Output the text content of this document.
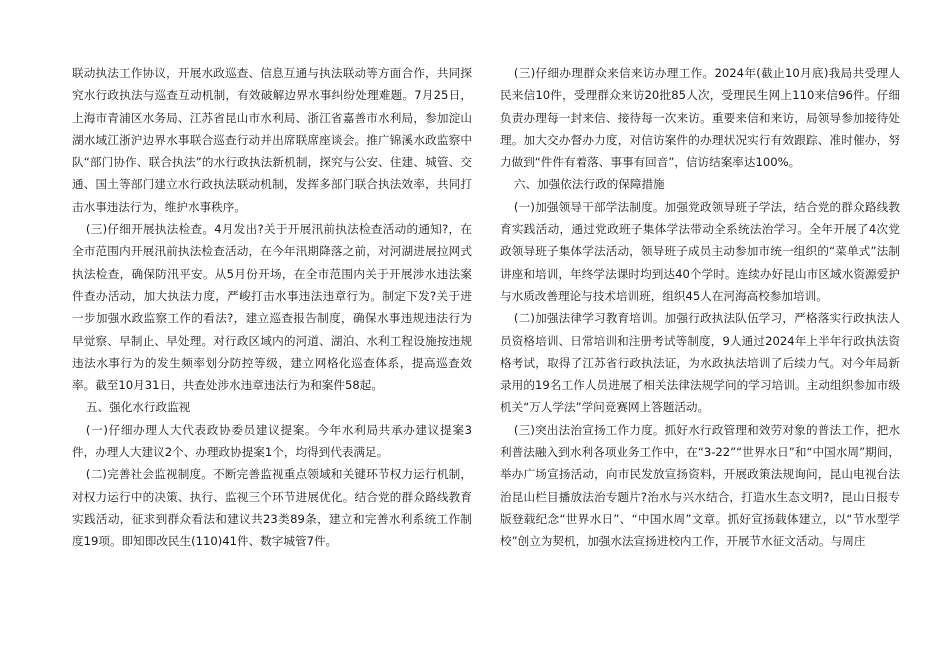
联动执法工作协议，开展水政巡查、信息互通与执法联动等方面合作，共同探究水行政执法与巡查互动机制，有效破解边界水事纠纷处理难题。7月25日，上海市青浦区水务局、江苏省昆山市水利局、浙江省嘉善市水利局，参加淀山湖水域江浙沪边界水事联合巡查行动并出席联席座谈会。推广锦溪水政监察中队“部门协作、联合执法”的水行政执法新机制，探究与公安、住建、城管、交通、国土等部门建立水行政执法联动机制，发挥多部门联合执法效率，共同打击水事违法行为，维护水事秩序。

(三)仔细开展执法检查。4月发出?关于开展汛前执法检查活动的通知?，在全市范围内开展汛前执法检查活动，在今年汛期降落之前，对河湖进展拉网式执法检查，确保防汛平安。从5月份开场，在全市范围内关于开展涉水违法案件查办活动，加大执法力度，严峻打击水事违法违章行为。制定下发?关于进一步加强水政监察工作的看法?，建立巡查报告制度，确保水事违规违法行为早觉察、早制止、早处理。对行政区域内的河道、湖泊、水利工程设施按违规违法水事行为的发生频率划分防控等级，建立网格化巡查体系，提高巡查效率。截至10月31日，共查处涉水违章违法行为和案件58起。

五、强化水行政监视

(一)仔细办理人大代表政协委员建议提案。今年水利局共承办建议提案3件，办理人大建议2个、办理政协提案1个，均得到代表满足。

(二)完善社会监视制度。不断完善监视重点领域和关键环节权力运行机制，对权力运行中的决策、执行、监视三个环节进展优化。结合党的群众路线教育实践活动，征求到群众看法和建议共23类89条，建立和完善水利系统工作制度19项。即知即改民生(110)41件、数字城管7件。

(三)仔细办理群众来信来访办理工作。2024年(截止10月底)我局共受理人民来信10件，受理群众来访20批85人次，受理民生网上110来信96件。仔细负责办理每一封来信、接待每一次来访。重要来信和来访，局领导参加接待处理。加大交办督办力度，对信访案件的办理状况实行有效跟踪、准时催办，努力做到“件件有着落、事事有回音”，信访结案率达100%。

六、加强依法行政的保障措施

(一)加强领导干部学法制度。加强党政领导班子学法，结合党的群众路线教育实践活动，通过党政班子集体学法带动全系统法治学习。全年开展了4次党政领导班子集体学法活动，领导班子成员主动参加市统一组织的“菜单式”法制讲座和培训，年终学法课时均到达40个学时。连续办好昆山市区域水资源爱护与水质改善理论与技术培训班，组织45人在河海高校参加培训。

(二)加强法律学习教育培训。加强行政执法队伍学习，严格落实行政执法人员资格培训、日常培训和注册考试等制度，9人通过2024年上半年行政执法资格考试，取得了江苏省行政执法证，为水政执法培训了后续力气。对今年局新录用的19名工作人员进展了相关法律法规学问的学习培训。主动组织参加市级机关“万人学法”学问竞赛网上答题活动。

(三)突出法治宣扬工作力度。抓好水行政管理和效劳对象的普法工作，把水利普法融入到水利各项业务工作中，在“3-22”“世界水日”和“中国水周”期间，举办广场宣扬活动，向市民发放宣扬资料，开展政策法规询问，昆山电视台法治昆山栏目播放法治专题片?治水与兴水结合，打造水生态文明?，昆山日报专版登载纪念“世界水日”、“中国水周”文章。抓好宣扬载体建立，以“节水型学校”创立为契机，加强水法宣扬进校内工作，开展节水征文活动。与周庄
